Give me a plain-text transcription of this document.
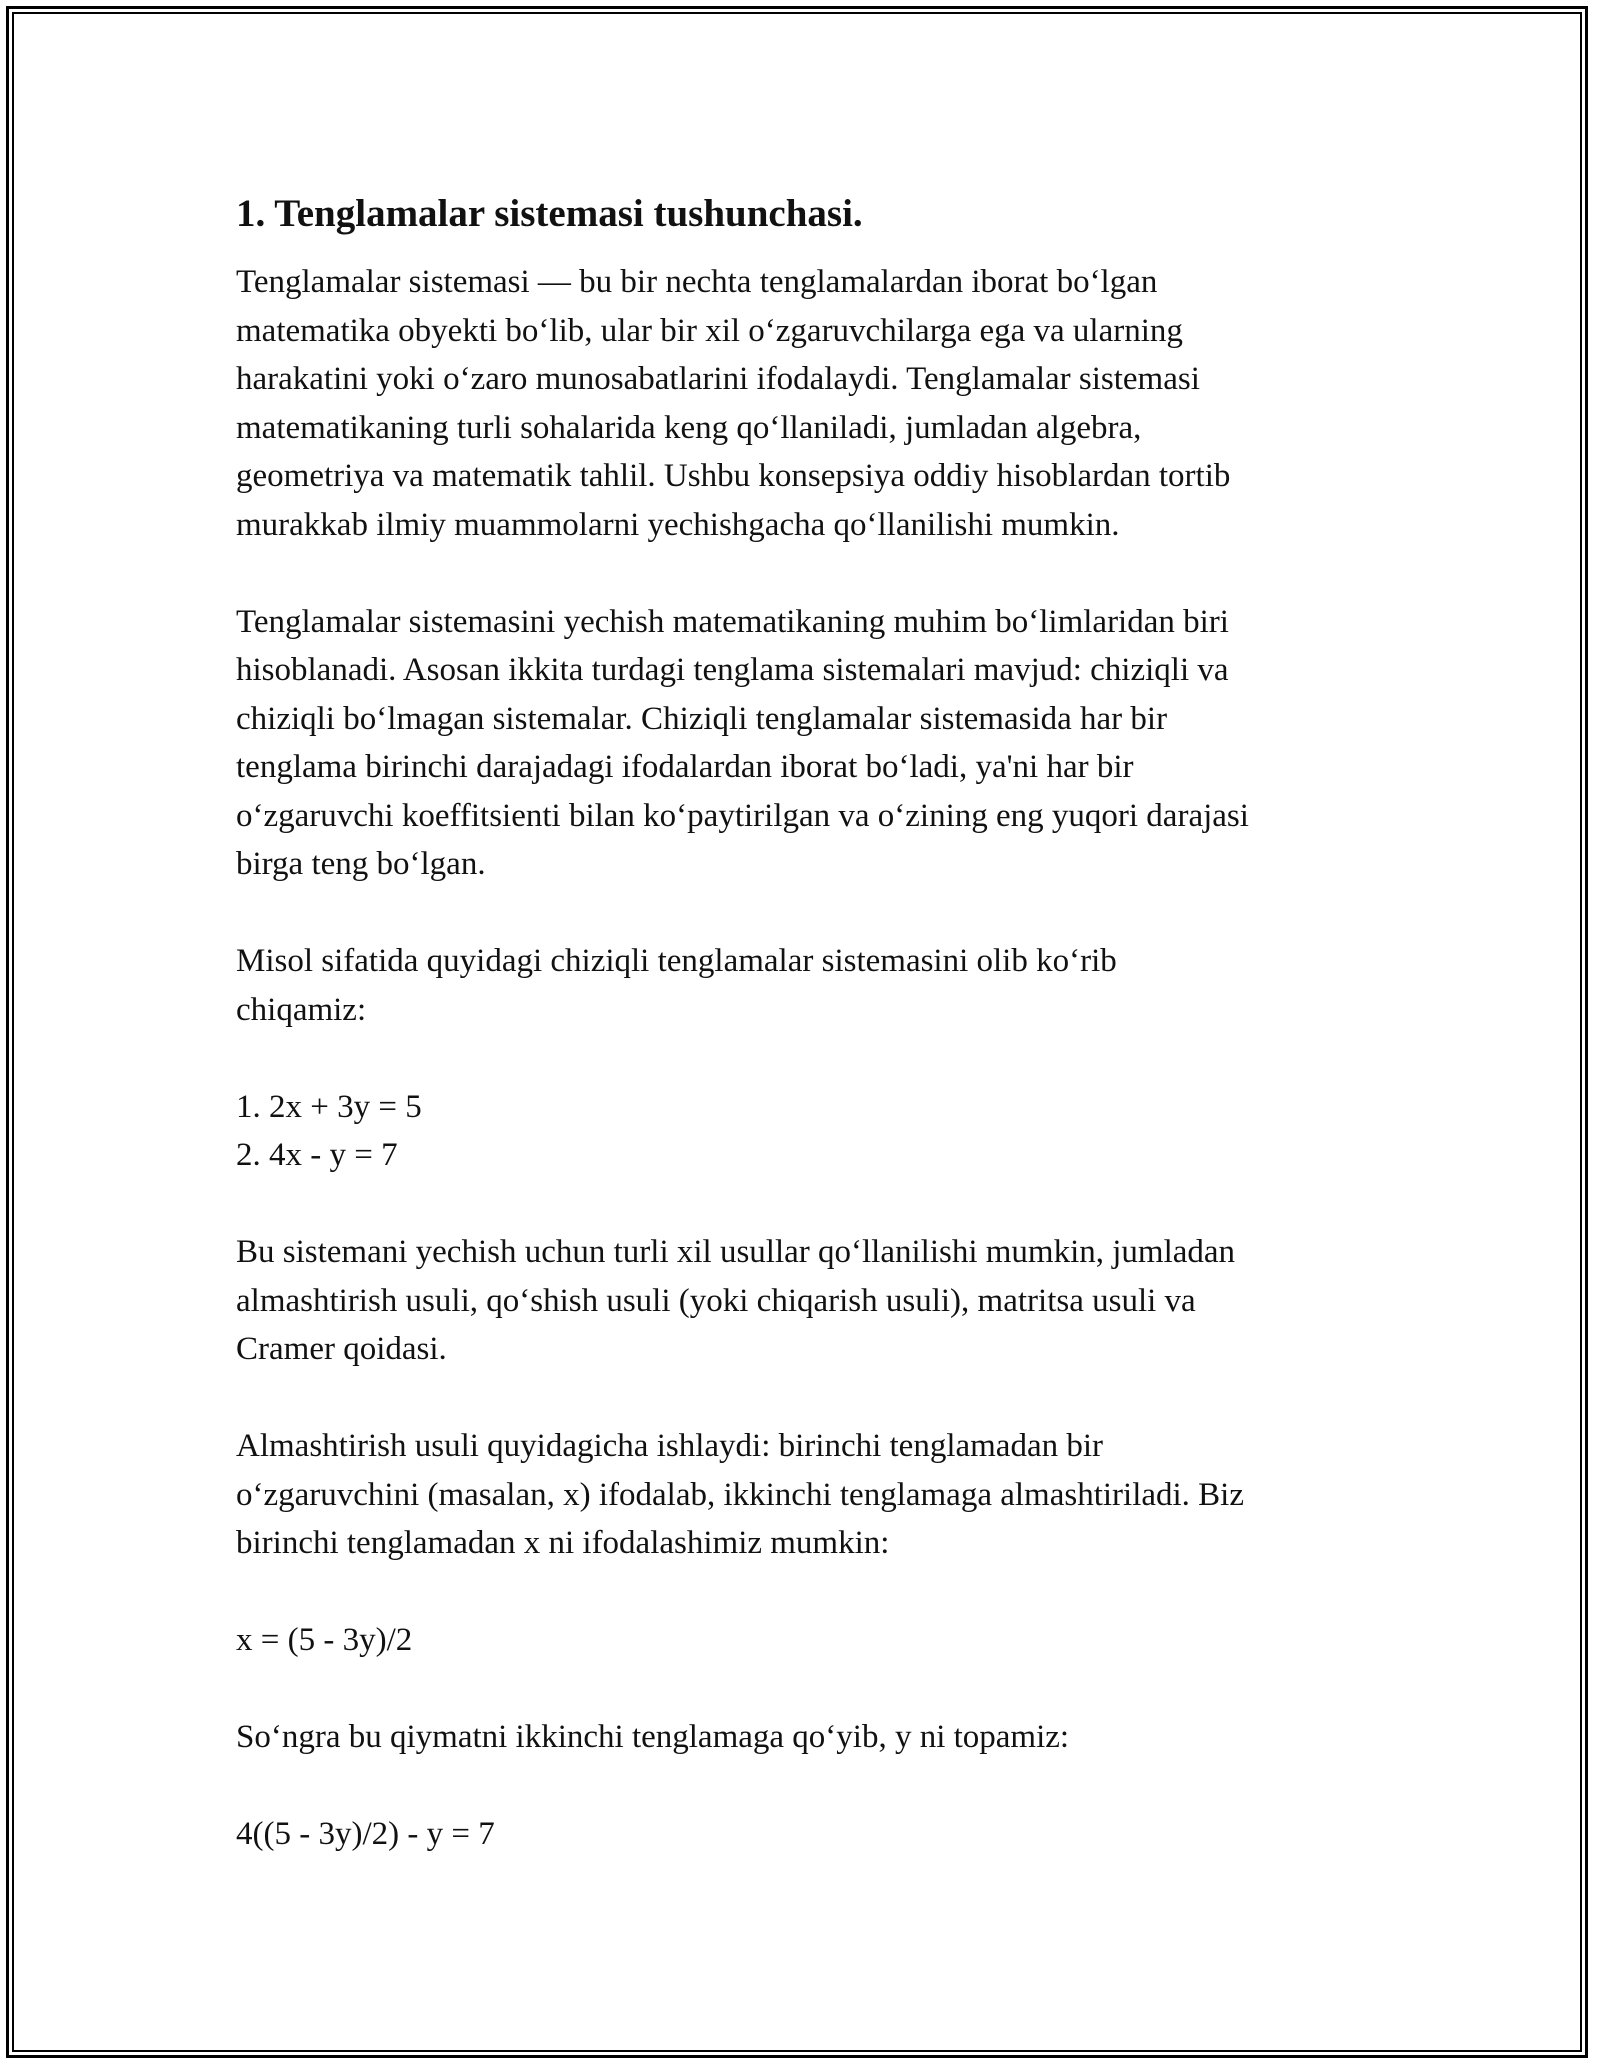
1. Tenglamalar sistemasi tushunchasi.

Tenglamalar sistemasi — bu bir nechta tenglamalardan iborat bo‘lgan
matematika obyekti bo‘lib, ular bir xil o‘zgaruvchilarga ega va ularning
harakatini yoki o‘zaro munosabatlarini ifodalaydi. Tenglamalar sistemasi
matematikaning turli sohalarida keng qo‘llaniladi, jumladan algebra,
geometriya va matematik tahlil. Ushbu konsepsiya oddiy hisoblardan tortib
murakkab ilmiy muammolarni yechishgacha qo‘llanilishi mumkin.

Tenglamalar sistemasini yechish matematikaning muhim bo‘limlaridan biri
hisoblanadi. Asosan ikkita turdagi tenglama sistemalari mavjud: chiziqli va
chiziqli bo‘lmagan sistemalar. Chiziqli tenglamalar sistemasida har bir
tenglama birinchi darajadagi ifodalardan iborat bo‘ladi, ya'ni har bir
o‘zgaruvchi koeffitsienti bilan ko‘paytirilgan va o‘zining eng yuqori darajasi
birga teng bo‘lgan.

Misol sifatida quyidagi chiziqli tenglamalar sistemasini olib ko‘rib
chiqamiz:

1. 2x + 3y = 5
2. 4x - y = 7

Bu sistemani yechish uchun turli xil usullar qo‘llanilishi mumkin, jumladan
almashtirish usuli, qo‘shish usuli (yoki chiqarish usuli), matritsa usuli va
Cramer qoidasi.

Almashtirish usuli quyidagicha ishlaydi: birinchi tenglamadan bir
o‘zgaruvchini (masalan, x) ifodalab, ikkinchi tenglamaga almashtiriladi. Biz
birinchi tenglamadan x ni ifodalashimiz mumkin:

x = (5 - 3y)/2

So‘ngra bu qiymatni ikkinchi tenglamaga qo‘yib, y ni topamiz:

4((5 - 3y)/2) - y = 7
